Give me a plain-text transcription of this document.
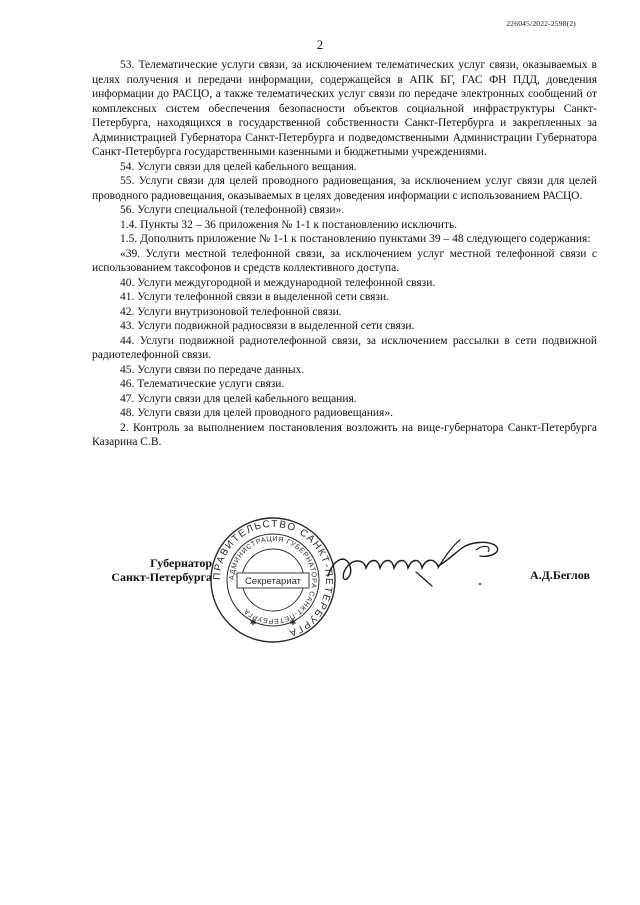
226045/2022-2598(2)
2

53. Телематические услуги связи, за исключением телематических услуг связи, оказываемых в целях получения и передачи информации, содержащейся в АПК БГ, ГАС ФН ПДД, доведения информации до РАСЦО, а также телематических услуг связи по передаче электронных сообщений от комплексных систем обеспечения безопасности объектов социальной инфраструктуры Санкт-Петербурга, находящихся в государственной собственности Санкт-Петербурга и закрепленных за Администрацией Губернатора Санкт-Петербурга и подведомственными Администрации Губернатора Санкт-Петербурга государственными казенными и бюджетными учреждениями.

54. Услуги связи для целей кабельного вещания.

55. Услуги связи для целей проводного радиовещания, за исключением услуг связи для целей проводного радиовещания, оказываемых в целях доведения информации с использованием РАСЦО.

56. Услуги специальной (телефонной) связи».

1.4. Пункты 32 – 36 приложения № 1-1 к постановлению исключить.

1.5. Дополнить приложение № 1-1 к постановлению пунктами 39 – 48 следующего содержания:

«39. Услуги местной телефонной связи, за исключением услуг местной телефонной связи с использованием таксофонов и средств коллективного доступа.

40. Услуги междугородной и международной телефонной связи.

41. Услуги телефонной связи в выделенной сети связи.

42. Услуги внутризоновой телефонной связи.

43. Услуги подвижной радиосвязи в выделенной сети связи.

44. Услуги подвижной радиотелефонной связи, за исключением рассылки в сети подвижной радиотелефонной связи.

45. Услуги связи по передаче данных.

46. Телематические услуги связи.

47. Услуги связи для целей кабельного вещания.

48. Услуги связи для целей проводного радиовещания».

2. Контроль за выполнением постановления возложить на вице-губернатора Санкт-Петербурга Казарина С.В.

Губернатор
Санкт-Петербурга ПРАВИТЕЛЬСТВО САНКТ-ПЕТЕРБУРГА
АДМИНИСТРАЦИЯ ГУБЕРНАТОРА САНКТ-ПЕТЕРБУРГА
Секретариат
✱	✱
А.Д.Беглов
